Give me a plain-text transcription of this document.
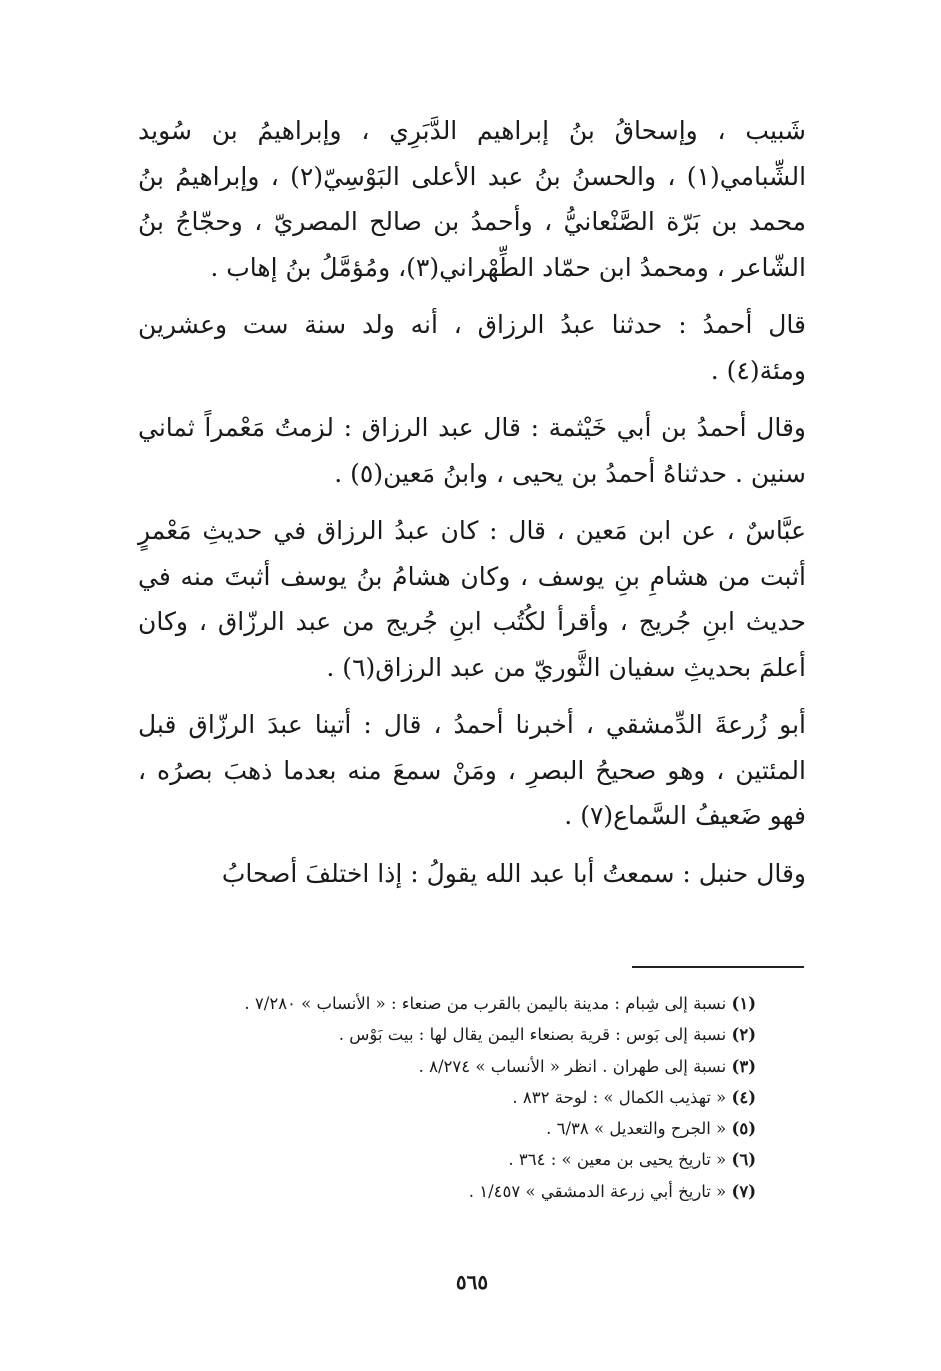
شَبيب ، وإسحاقُ بنُ إبراهيم الدَّبَرِي ، وإبراهيمُ بن سُويد الشِّبامي(١) ، والحسنُ بنُ عبد الأعلى البَوْسِيّ(٢) ، وإبراهيمُ بنُ محمد بن بَرّة الصَّنْعانيُّ ، وأحمدُ بن صالح المصريّ ، وحجّاجُ بنُ الشّاعر ، ومحمدُ ابن حمّاد الطِّهْراني(٣)، ومُؤمَّلُ بنُ إهاب .

قال أحمدُ : حدثنا عبدُ الرزاق ، أنه ولد سنة ست وعشرين ومئة(٤) .

وقال أحمدُ بن أبي خَيْثمة : قال عبد الرزاق : لزمتُ مَعْمراً ثماني سنين . حدثناهُ أحمدُ بن يحيى ، وابنُ مَعين(٥) .

عبَّاسٌ ، عن ابن مَعين ، قال : كان عبدُ الرزاق في حديثِ مَعْمرٍ أثبت من هشامِ بنِ يوسف ، وكان هشامُ بنُ يوسف أثبتَ منه في حديث ابنِ جُريج ، وأقرأ لكُتُب ابنِ جُريج من عبد الرزّاق ، وكان أعلمَ بحديثِ سفيان الثَّوريّ من عبد الرزاق(٦) .

أبو زُرعةَ الدِّمشقي ، أخبرنا أحمدُ ، قال : أتينا عبدَ الرزّاق قبل المئتين ، وهو صحيحُ البصرِ ، ومَنْ سمعَ منه بعدما ذهبَ بصرُه ، فهو ضَعيفُ السَّماع(٧) .

وقال حنبل : سمعتُ أبا عبد الله يقولُ : إذا اختلفَ أصحابُ

(١) نسبة إلى شِبام : مدينة باليمن بالقرب من صنعاء : « الأنساب » ٧/٢٨٠ .
(٢) نسبة إلى بَوس : قرية بصنعاء اليمن يقال لها : بيت بَوْس .
(٣) نسبة إلى طهران . انظر « الأنساب » ٨/٢٧٤ .
(٤) « تهذيب الكمال » : لوحة ٨٣٢ .
(٥) « الجرح والتعديل » ٦/٣٨ .
(٦) « تاريخ يحيى بن معين » : ٣٦٤ .
(٧) « تاريخ أبي زرعة الدمشقي » ١/٤٥٧ .
٥٦٥
